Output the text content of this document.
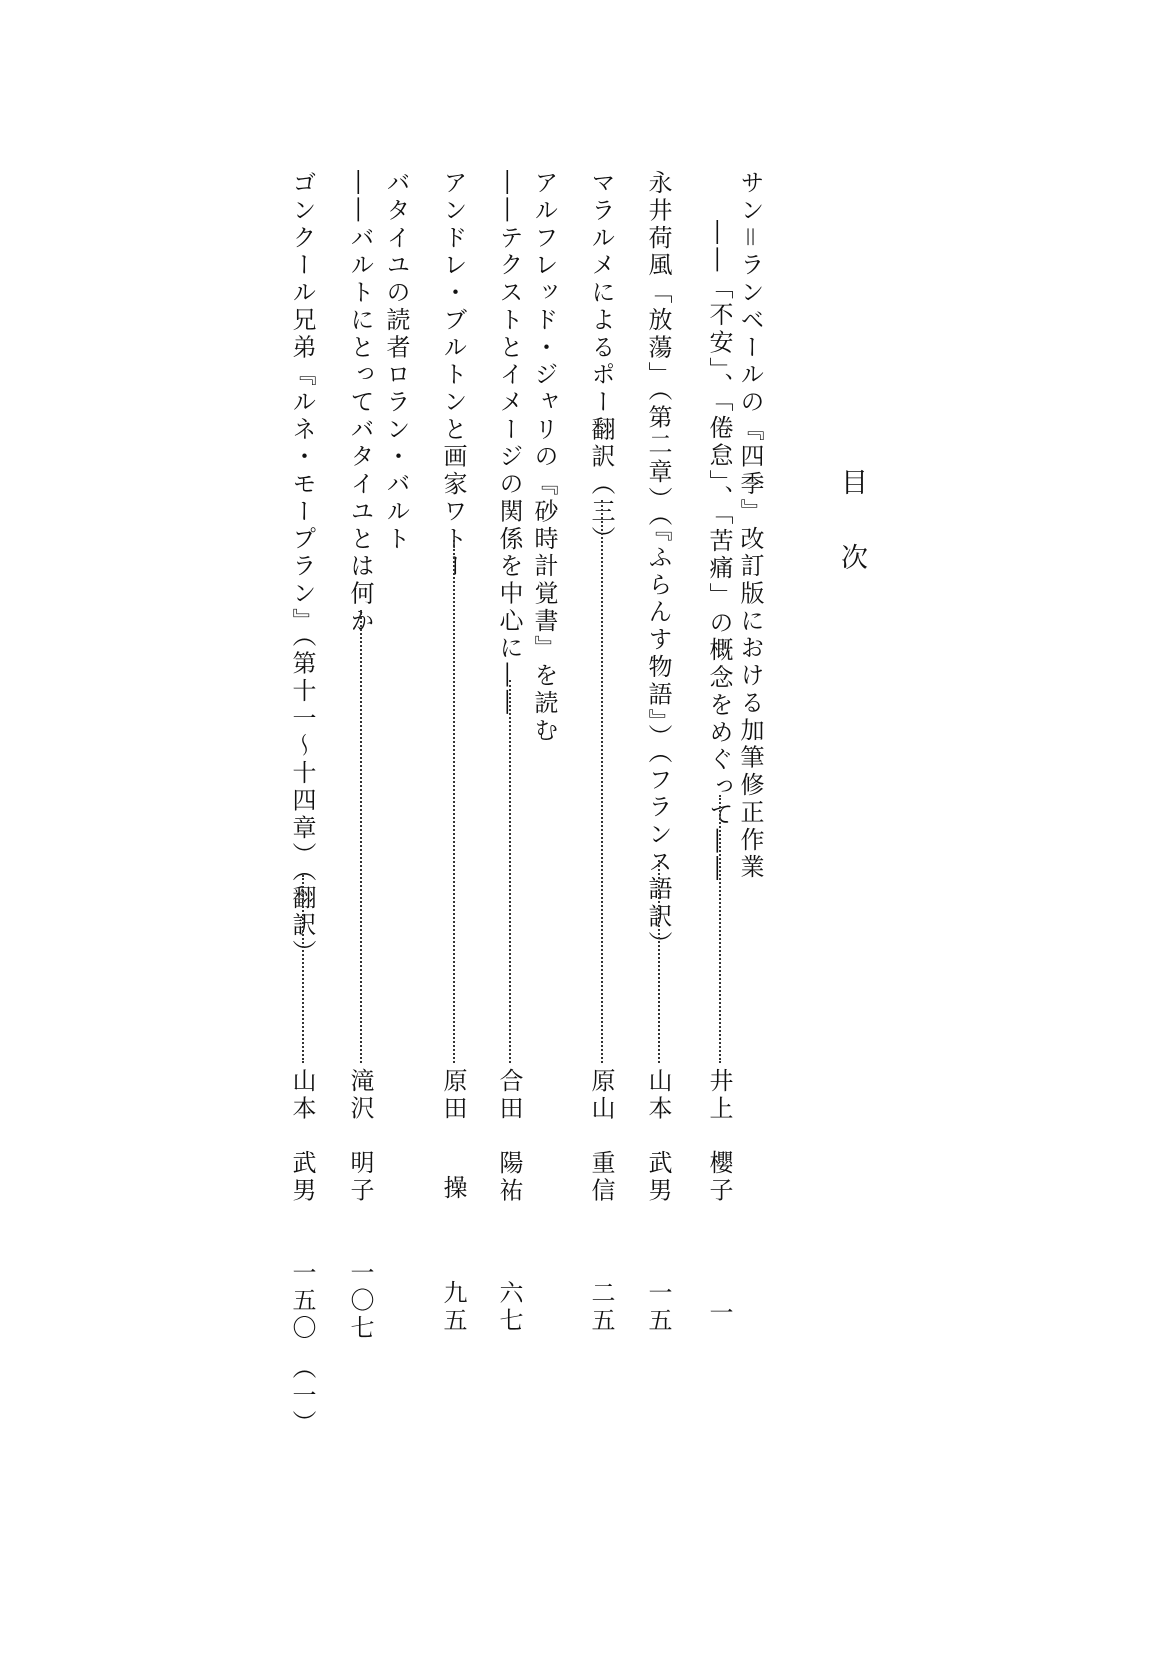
目
次
サン＝ランベールの『四季』改訂版における加筆修正作業
――「不安」、「倦怠」、「苦痛」の概念をめぐって――
井上
櫻子
一
永井荷風「放蕩」（第二章）（『ふらんす物語』）（フランス語訳）
山本
武男
一五
マラルメによるポー翻訳（三）
原山
重信
二五
アルフレッド・ジャリの『砂時計覚書』を読む
――テクストとイメージの関係を中心に――
合田
陽祐
六七
アンドレ・ブルトンと画家ワトー
原田
操
九五
バタイユの読者ロラン・バルト
――バルトにとってバタイユとは何か
滝沢
明子
一〇七
ゴンクール兄弟『ルネ・モープラン』（第十一～十四章）（翻訳）
山本
武男
一五〇
（一）
